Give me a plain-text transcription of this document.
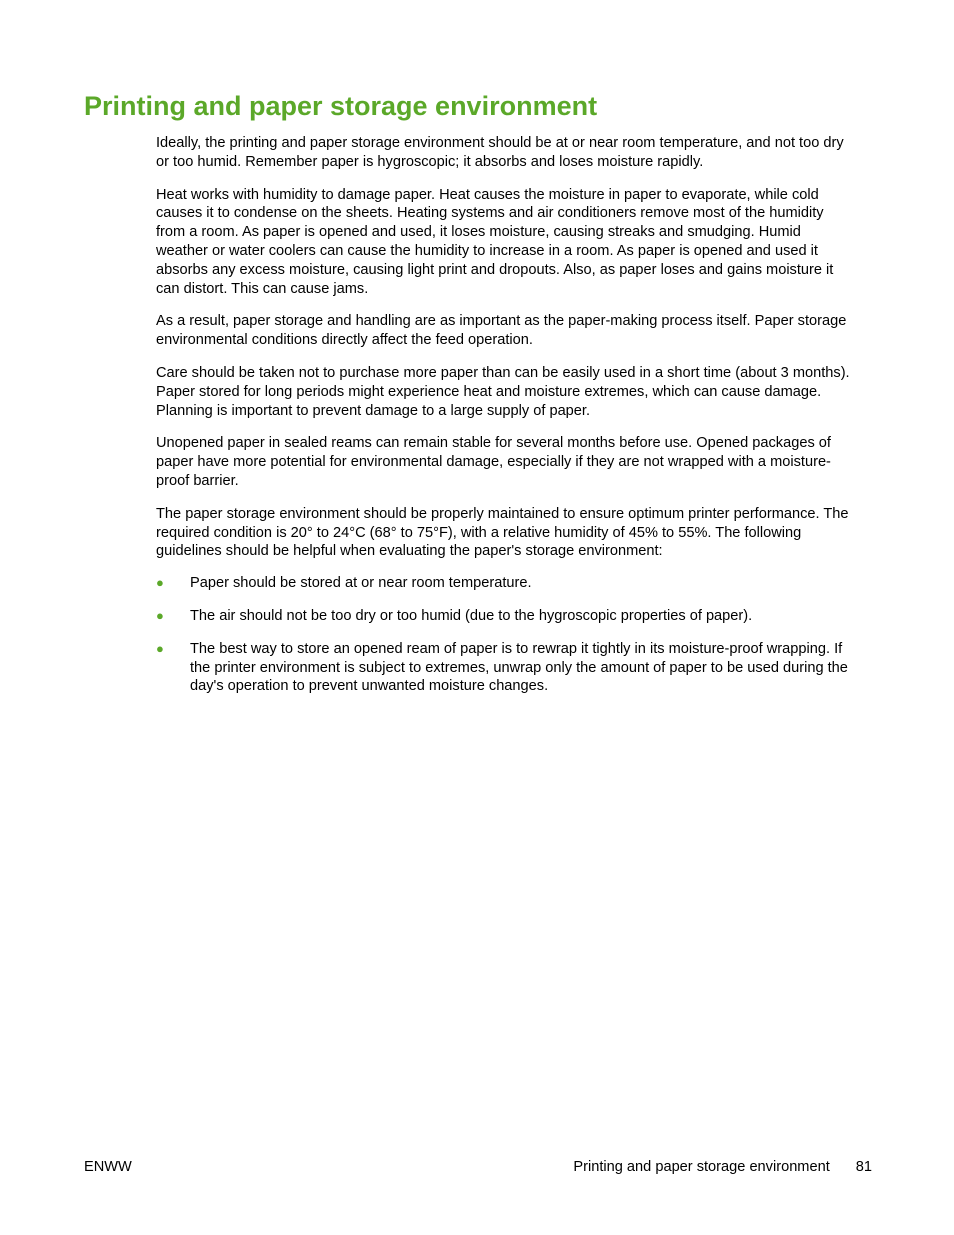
Printing and paper storage environment

Ideally, the printing and paper storage environment should be at or near room temperature, and not too dry or too humid. Remember paper is hygroscopic; it absorbs and loses moisture rapidly.

Heat works with humidity to damage paper. Heat causes the moisture in paper to evaporate, while cold causes it to condense on the sheets. Heating systems and air conditioners remove most of the humidity from a room. As paper is opened and used, it loses moisture, causing streaks and smudging. Humid weather or water coolers can cause the humidity to increase in a room. As paper is opened and used it absorbs any excess moisture, causing light print and dropouts. Also, as paper loses and gains moisture it can distort. This can cause jams.

As a result, paper storage and handling are as important as the paper-making process itself. Paper storage environmental conditions directly affect the feed operation.

Care should be taken not to purchase more paper than can be easily used in a short time (about 3 months). Paper stored for long periods might experience heat and moisture extremes, which can cause damage. Planning is important to prevent damage to a large supply of paper.

Unopened paper in sealed reams can remain stable for several months before use. Opened packages of paper have more potential for environmental damage, especially if they are not wrapped with a moisture-proof barrier.

The paper storage environment should be properly maintained to ensure optimum printer performance. The required condition is 20° to 24°C (68° to 75°F), with a relative humidity of 45% to 55%. The following guidelines should be helpful when evaluating the paper's storage environment:

● Paper should be stored at or near room temperature.
● The air should not be too dry or too humid (due to the hygroscopic properties of paper).
● The best way to store an opened ream of paper is to rewrap it tightly in its moisture-proof wrapping. If the printer environment is subject to extremes, unwrap only the amount of paper to be used during the day's operation to prevent unwanted moisture changes.
ENWW	Printing and paper storage environment 81
